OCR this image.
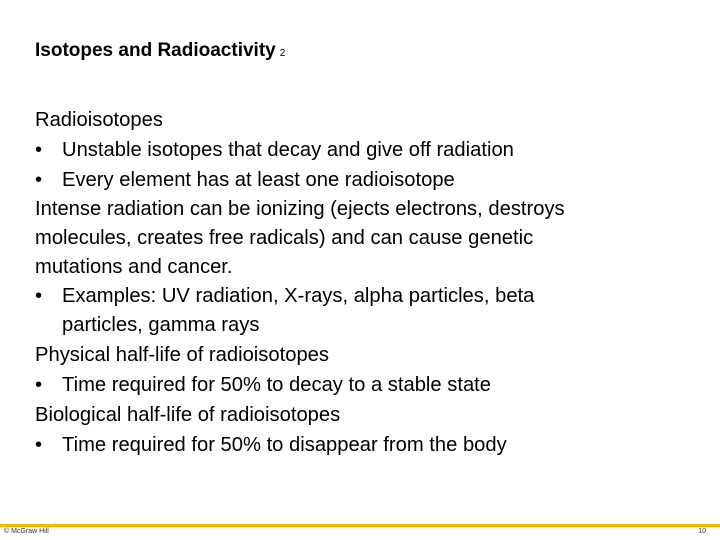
Isotopes and Radioactivity 2
Radioisotopes
• Unstable isotopes that decay and give off radiation
• Every element has at least one radioisotope
Intense radiation can be ionizing (ejects electrons, destroys
molecules, creates free radicals) and can cause genetic
mutations and cancer.
• Examples: UV radiation, X-rays, alpha particles, beta
particles, gamma rays
Physical half-life of radioisotopes
• Time required for 50% to decay to a stable state
Biological half-life of radioisotopes
• Time required for 50% to disappear from the body
© McGraw Hill	10
